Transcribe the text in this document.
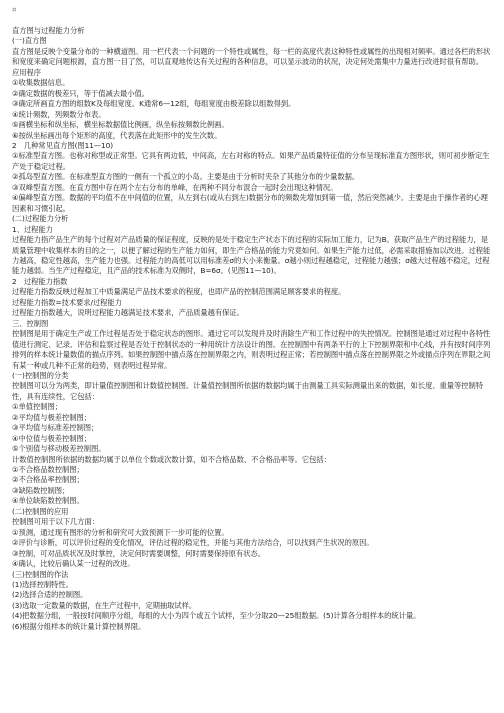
¤

直方图与过程能力分析

(一)直方图

直方图是反映个变量分布的一种横道图。用一栏代表一个问题的一个特性或属性，每一栏的高度代表这种特性或属性的出现相对频率。通过各栏的形状和宽度来确定问题根源，直方图一目了然，可以直观地传达有关过程的各种信息，可以显示波动的状况，决定何处需集中力量进行改进时很有帮助。

应用程序

①收集数据信息。

②确定数据的极差只，等于值减去最小值。

③确定所画直方图的组数K及每组宽度。K通常6—12组，每组宽度由极差除以组数得到。

④统计频数，列频数分布表。

⑤画横坐标和纵坐标，横坐标数据值比例画，纵坐标按频数比例画。

⑥按纵坐标画出每个矩形的高度，代表落在此矩形中的发生次数。

2　几种常见直方图(图11—10)

①标准型直方图。也称对称型或正常型。它具有两边低，中间高，左右对称的特点。如果产品质量特征值的分布呈现标准直方图形状，则可初步断定生产处于稳定过程。

②孤岛型直方图。在标准型直方图的一侧有一个孤立的小岛。主要是由于分析时夹杂了其他分布的少量数据。

③双峰型直方图。在直方图中存在两个左右分布的单峰，在两种不同分布混合一起时会出现这种情况。

④偏峰型直方图。数据的平均值不在中间值的位置，从左到右(或从右到左)数据分布的频数先增加到第一值，然后突然减少。主要是由于操作者的心理因素和习惯引起。

(二)过程能力分析

1、过程能力

过程能力指产品生产的每个过程对产品质量的保证程度，反映的是处于稳定生产状态下的过程的实际加工能力，记为B。获取产品生产的过程能力，是质量管理中收集样本的目的之一，以便了解过程的生产能力如何，即生产合格品的能力究竟如何。如果生产能力过低，必需采取措施加以改进。过程能力越高，稳定性越高，生产能力也强。过程能力的高低可以用标准差σ的大小来衡量。σ越小则过程越稳定，过程能力越强；σ越大过程越不稳定，过程能力越弱。当生产过程稳定，且产品的技术标准为双侧时，B=6σ。(见图11—10)。

2　过程能力指数

过程能力指数反映过程加工中质量满足产品技术要求的程度，也即产品的控制范围满足顾客要求的程度。

过程能力指数=技术要求/过程能力

过程能力指数越大，说明过程能力越满足技术要求，产品质量越有保证。

三、控制图

控制图是用于确定生产或工作过程是否处于稳定状态的图形。通过它可以发现并及时消除生产和工作过程中的失控情况。控制图是通过对过程中各特性值进行测定、记录、评估和监察过程是否处于控制状态的一种用统计方法设计的图。在控制图中有两条平行的上下控制界限和中心线，并有按时间序列排列的样本统计量数值的描点序列。如果控制图中描点落在控制界限之内，则表明过程正常；若控制图中描点落在控制界限之外或描点序列在界限之间有某一种或几种不正常的趋势，则表明过程异常。

(一)控制图的分类

控制图可以分为两类，即计量值控制图和计数值控制图。计量值控制图所依据的数据均属于由测量工具实际测量出来的数据，如长度、重量等控制特性，具有连续性，它包括：

①单值控制图；

②平均值与极差控制图；

③平均值与标准差控制图；

④中位值与极差控制图；

⑤个别值与移动极差控制图。

计数值控制图所依据的数据均属于以单位个数或次数计算，如不合格品数、不合格品率等。它包括：

①不合格品数控制图；

②不合格品率控制图；

③缺陷数控制图；

④单位缺陷数控制图。

(二)控制图的应用

控制图可用于以下几方面：

①预测，通过现有图形的分析和研究可大致预测下一步可能的位置。

②评价与诊断，可以评价过程的变化情况，评估过程的稳定性，并能与其他方法结合，可以找到产生状况的原因。

③控制，可对品质状况及时掌控，决定何时需要调整，何时需要保持原有状态。

④确认，比较后确认某一过程的改进。

(三)控制图的作法

(1)选择控制特性。

(2)选择合适的控制图。

(3)选取一定数量的数据，在生产过程中，定期抽取试样。

(4)把数据分组，一般按时间顺序分组，每组的大小为四个或五个试样，至少分取20—25组数据。(5)计算各分组样本的统计量。

(6)根据分组样本的统计量计算控制界限。
